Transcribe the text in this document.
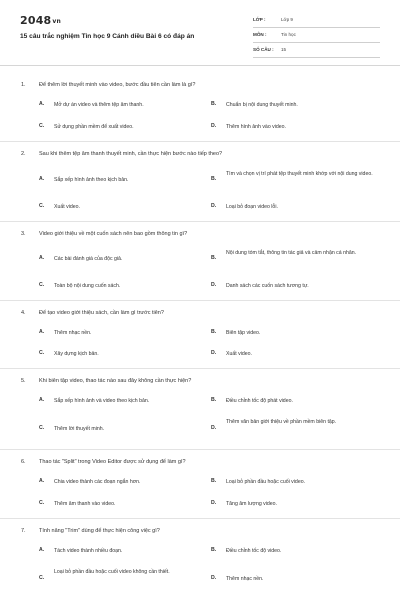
2048vn
15 câu trắc nghiệm Tin học 9 Cánh diều Bài 6 có đáp án
LỚP :	Lớp 9
MÔN :	Tin học
SỐ CÂU : 15
1. Để thêm lời thuyết minh vào video, bước đầu tiên cần làm là gì?
A. Mở dự án video và thêm tệp âm thanh.	B. Chuẩn bị nội dung thuyết minh.
C. Sử dụng phần mềm để xuất video.	D. Thêm hình ảnh vào video.
2. Sau khi thêm tệp âm thanh thuyết minh, cần thực hiện bước nào tiếp theo?
A. Sắp xếp hình ảnh theo kịch bản.	B.
Tìm và chọn vị trí phát tệp thuyết minh khớp với nội dung video.
C. Xuất video.	D. Loại bỏ đoạn video lỗi.
3. Video giới thiệu về một cuốn sách nên bao gồm thông tin gì?
A. Các bài đánh giá của độc giả.	B.
Nội dung tóm tắt, thông tin tác giả và cảm nhận cá nhân.
C. Toàn bộ nội dung cuốn sách.	D. Danh sách các cuốn sách tương tự.
4. Để tạo video giới thiệu sách, cần làm gì trước tiên?
A. Thêm nhạc nền.	B. Biên tập video.
C. Xây dựng kịch bản.	D. Xuất video.
5. Khi biên tập video, thao tác nào sau đây không cần thực hiện?
A. Sắp xếp hình ảnh và video theo kịch bản.	B. Điều chỉnh tốc độ phát video.
C. Thêm lời thuyết minh.	D.
Thêm văn bản giới thiệu về phần mềm biên tập.
6. Thao tác "Split" trong Video Editor được sử dụng để làm gì?
A. Chia video thành các đoạn ngắn hơn.	B. Loại bỏ phần đầu hoặc cuối video.
C. Thêm âm thanh vào video.	D. Tăng âm lượng video.
7. Tính năng "Trim" dùng để thực hiện công việc gì?
A. Tách video thành nhiều đoạn.	B. Điều chỉnh tốc độ video.
C.
Loại bỏ phần đầu hoặc cuối video không cần thiết.
D. Thêm nhạc nền.
